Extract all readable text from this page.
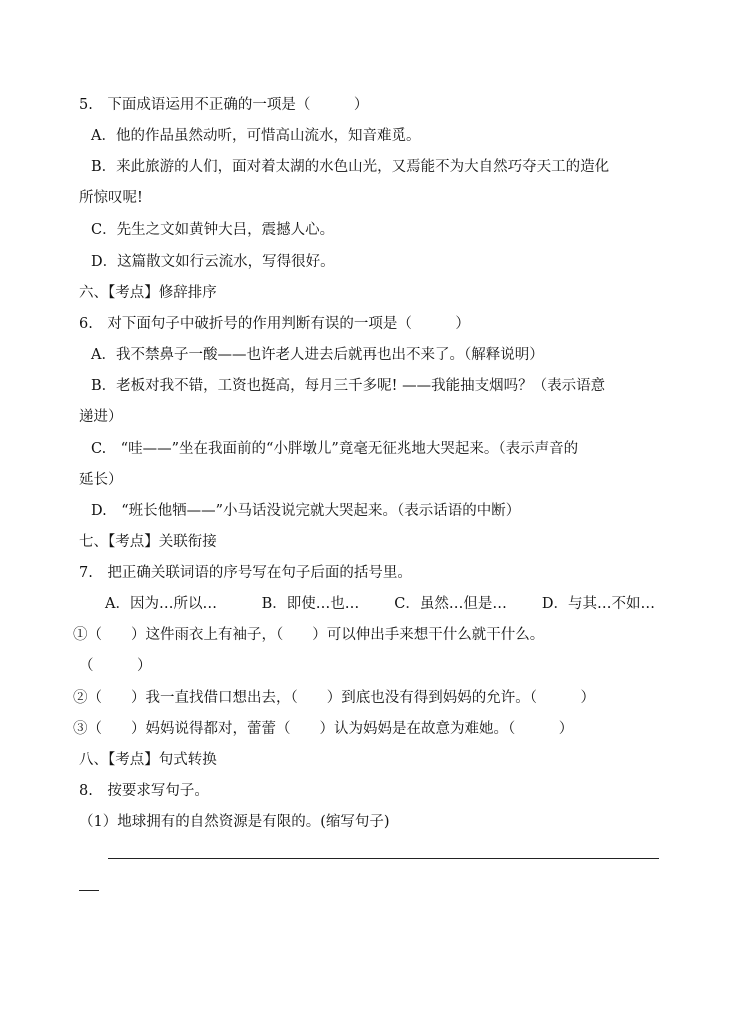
5.　下面成语运用不正确的一项是（　　　）
A．他的作品虽然动听，可惜高山流水，知音难觅。
B．来此旅游的人们，面对着太湖的水色山光，又焉能不为大自然巧夺天工的造化
所惊叹呢!
C．先生之文如黄钟大吕，震撼人心。
D．这篇散文如行云流水，写得很好。
六、【考点】修辞排序
6.　对下面句子中破折号的作用判断有误的一项是（　　　）
A．我不禁鼻子一酸——也许老人进去后就再也出不来了。（解释说明）
B．老板对我不错，工资也挺高，每月三千多呢! ——我能抽支烟吗？（表示语意
递进）
C.　“哇——”坐在我面前的“小胖墩儿”竟毫无征兆地大哭起来。（表示声音的
延长）
D.　“班长他牺——”小马话没说完就大哭起来。（表示话语的中断）
七、【考点】关联衔接
7.　把正确关联词语的序号写在句子后面的括号里。
A．因为…所以…	B．即使…也… C．虽然…但是… D．与其…不如…
①（　　）这件雨衣上有袖子，（　　）可以伸出手来想干什么就干什么。
（　　　）
②（　　）我一直找借口想出去，（　　）到底也没有得到妈妈的允许。（　　　）
③（　　）妈妈说得都对，蕾蕾（　　）认为妈妈是在故意为难她。（　　　）
八、【考点】句式转换
8.　按要求写句子。
（1）地球拥有的自然资源是有限的。(缩写句子)
